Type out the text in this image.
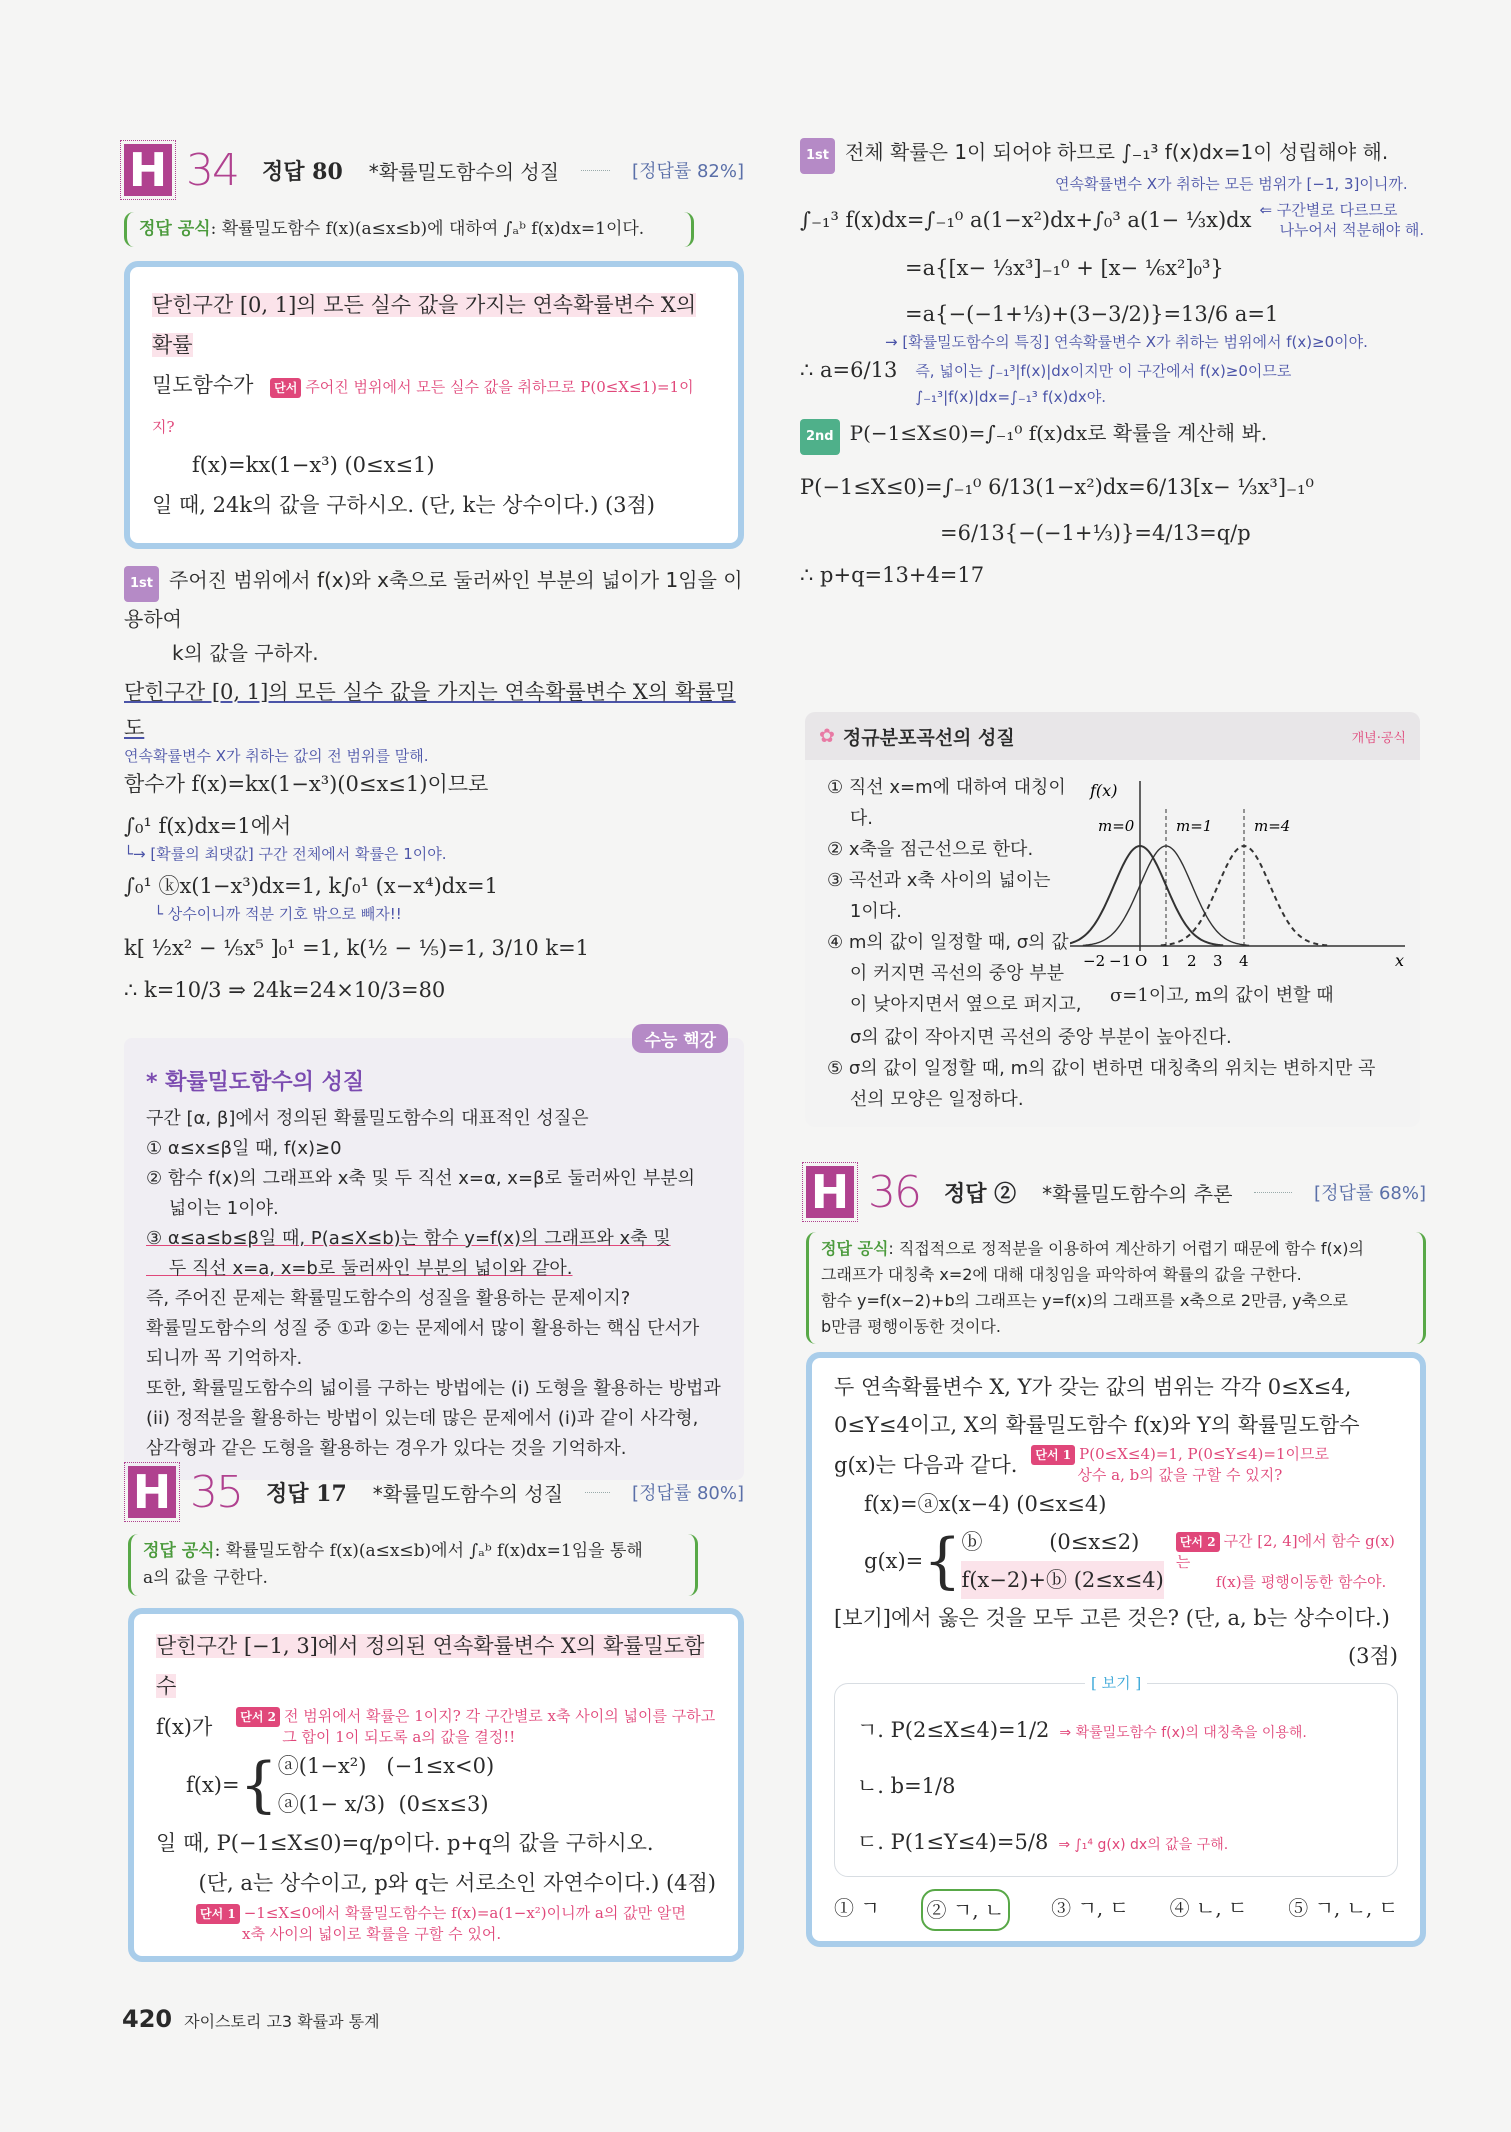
H 34 정답 80 *확률밀도함수의 성질	[정답률 82%]
정답 공식: 확률밀도함수 f(x)(a≤x≤b)에 대하여 ∫ₐᵇ f(x)dx=1이다.
닫힌구간 [0, 1]의 모든 실수 값을 가지는 연속확률변수 X의 확률
밀도함수가 단서 주어진 범위에서 모든 실수 값을 취하므로 P(0≤X≤1)=1이지?
f(x)=kx(1−x³) (0≤x≤1)
일 때, 24k의 값을 구하시오. (단, k는 상수이다.) (3점)
1st 주어진 범위에서 f(x)와 x축으로 둘러싸인 부분의 넓이가 1임을 이용하여
k의 값을 구하자.
닫힌구간 [0, 1]의 모든 실수 값을 가지는 연속확률변수 X의 확률밀도
연속확률변수 X가 취하는 값의 전 범위를 말해.
함수가 f(x)=kx(1−x³)(0≤x≤1)이므로
∫₀¹ f(x)dx=1에서
└→ [확률의 최댓값] 구간 전체에서 확률은 1이야.
∫₀¹ ⓚx(1−x³)dx=1, k∫₀¹ (x−x⁴)dx=1
└ 상수이니까 적분 기호 밖으로 빼자!!
k[ ½x² − ⅕x⁵ ]₀¹ =1, k(½ − ⅕)=1, 3/10 k=1
∴ k=10/3 ⇒ 24k=24×10/3=80
수능 핵강
* 확률밀도함수의 성질
구간 [α, β]에서 정의된 확률밀도함수의 대표적인 성질은
① α≤x≤β일 때, f(x)≥0
② 함수 f(x)의 그래프와 x축 및 두 직선 x=α, x=β로 둘러싸인 부분의
넓이는 1이야.
③ α≤a≤b≤β일 때, P(a≤X≤b)는 함수 y=f(x)의 그래프와 x축 및
두 직선 x=a, x=b로 둘러싸인 부분의 넓이와 같아.
즉, 주어진 문제는 확률밀도함수의 성질을 활용하는 문제이지?
확률밀도함수의 성질 중 ①과 ②는 문제에서 많이 활용하는 핵심 단서가
되니까 꼭 기억하자.
또한, 확률밀도함수의 넓이를 구하는 방법에는 (i) 도형을 활용하는 방법과
(ii) 정적분을 활용하는 방법이 있는데 많은 문제에서 (i)과 같이 사각형,
삼각형과 같은 도형을 활용하는 경우가 있다는 것을 기억하자.
H 35 정답 17 *확률밀도함수의 성질	[정답률 80%]
정답 공식: 확률밀도함수 f(x)(a≤x≤b)에서 ∫ₐᵇ f(x)dx=1임을 통해
a의 값을 구한다.
닫힌구간 [−1, 3]에서 정의된 연속확률변수 X의 확률밀도함수
f(x)가	단서 2 전 범위에서 확률은 1이지? 각 구간별로 x축 사이의 넓이를 구하고
그 합이 1이 되도록 a의 값을 결정!!
f(x)= { ⓐ(1−x²)   (−1≤x<0)
ⓐ(1− x/3)  (0≤x≤3)
일 때, P(−1≤X≤0)=q/p이다. p+q의 값을 구하시오.
(단, a는 상수이고, p와 q는 서로소인 자연수이다.) (4점)
단서 1 −1≤X≤0에서 확률밀도함수는 f(x)=a(1−x²)이니까 a의 값만 알면
x축 사이의 넓이로 확률을 구할 수 있어.
420 자이스토리 고3 확률과 통계
1st 전체 확률은 1이 되어야 하므로 ∫₋₁³ f(x)dx=1이 성립해야 해.
연속확률변수 X가 취하는 모든 범위가 [−1, 3]이니까.
∫₋₁³ f(x)dx=∫₋₁⁰ a(1−x²)dx+∫₀³ a(1− ⅓x)dx ⇐ 구간별로 다르므로
나누어서 적분해야 해.
=a{[x− ⅓x³]₋₁⁰ + [x− ⅙x²]₀³}
=a{−(−1+⅓)+(3−3/2)}=13/6 a=1
→ [확률밀도함수의 특징] 연속확률변수 X가 취하는 범위에서 f(x)≥0이야.
∴ a=6/13 즉, 넓이는 ∫₋₁³|f(x)|dx이지만 이 구간에서 f(x)≥0이므로
∫₋₁³|f(x)|dx=∫₋₁³ f(x)dx야.
2nd P(−1≤X≤0)=∫₋₁⁰ f(x)dx로 확률을 계산해 봐.
P(−1≤X≤0)=∫₋₁⁰ 6/13(1−x²)dx=6/13[x− ⅓x³]₋₁⁰
=6/13{−(−1+⅓)}=4/13=q/p
∴ p+q=13+4=17
✿ 정규분포곡선의 성질	개념·공식
① 직선 x=m에 대하여 대칭이
다.
② x축을 점근선으로 한다.
③ 곡선과 x축 사이의 넓이는
1이다.
④ m의 값이 일정할 때, σ의 값
이 커지면 곡선의 중앙 부분
이 낮아지면서 옆으로 퍼지고,
σ의 값이 작아지면 곡선의 중앙 부분이 높아진다.
⑤ σ의 값이 일정할 때, m의 값이 변하면 대칭축의 위치는 변하지만 곡
선의 모양은 일정하다.
f(x)
x
−2 −1 O 1 2 3 4
m=0	m=1	m=4
σ=1이고, m의 값이 변할 때
H 36 정답 ② *확률밀도함수의 추론	[정답률 68%]
정답 공식: 직접적으로 정적분을 이용하여 계산하기 어렵기 때문에 함수 f(x)의
그래프가 대칭축 x=2에 대해 대칭임을 파악하여 확률의 값을 구한다.
함수 y=f(x−2)+b의 그래프는 y=f(x)의 그래프를 x축으로 2만큼, y축으로
b만큼 평행이동한 것이다.
두 연속확률변수 X, Y가 갖는 값의 범위는 각각 0≤X≤4,
0≤Y≤4이고, X의 확률밀도함수 f(x)와 Y의 확률밀도함수
g(x)는 다음과 같다.	단서 1 P(0≤X≤4)=1, P(0≤Y≤4)=1이므로
상수 a, b의 값을 구할 수 있지?
f(x)=ⓐx(x−4) (0≤x≤4)
g(x)= { ⓑ          (0≤x≤2)
f(x−2)+ⓑ (2≤x≤4)
단서 2 구간 [2, 4]에서 함수 g(x)는
f(x)를 평행이동한 함수야.
[보기]에서 옳은 것을 모두 고른 것은? (단, a, b는 상수이다.)
(3점)
[ 보기 ]
ㄱ. P(2≤X≤4)=1/2 ⇒ 확률밀도함수 f(x)의 대칭축을 이용해.
ㄴ. b=1/8
ㄷ. P(1≤Y≤4)=5/8 ⇒ ∫₁⁴ g(x) dx의 값을 구해.
① ㄱ	② ㄱ, ㄴ	③ ㄱ, ㄷ ④ ㄴ, ㄷ ⑤ ㄱ, ㄴ, ㄷ
